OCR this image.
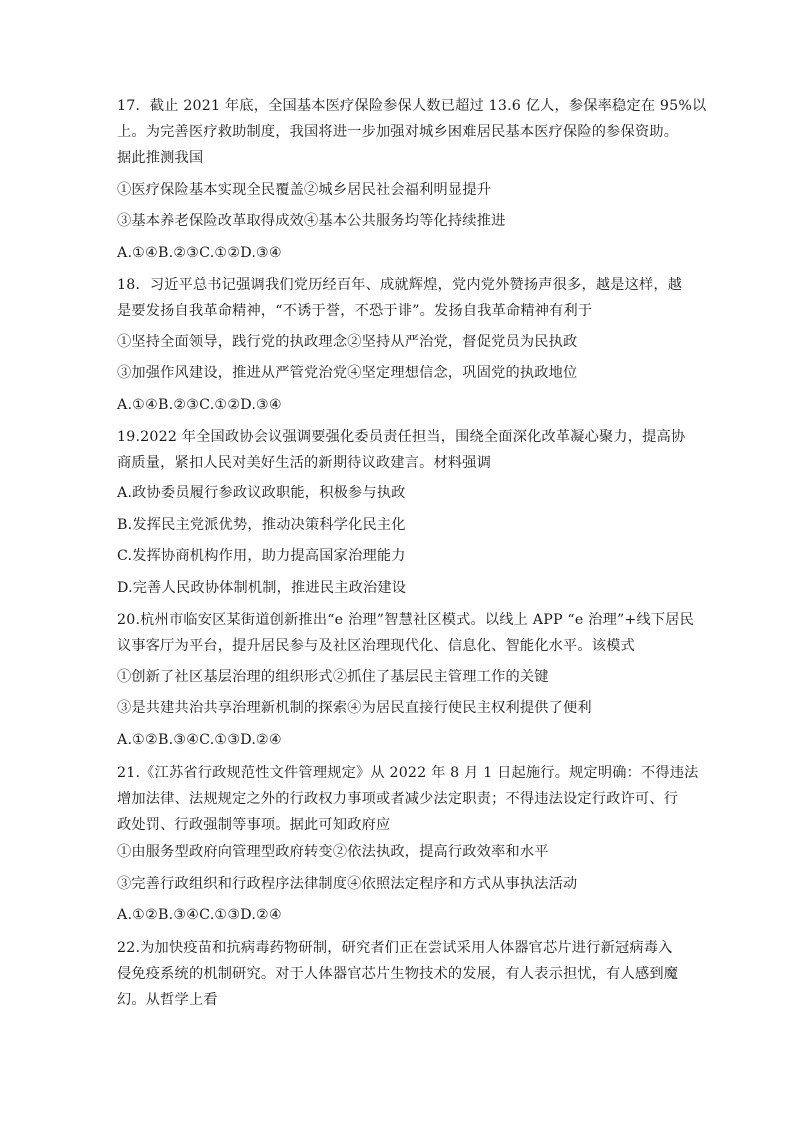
17．截止 2021 年底，全国基本医疗保险参保人数已超过 13.6 亿人，参保率稳定在 95%以
上。为完善医疗救助制度，我国将进一步加强对城乡困难居民基本医疗保险的参保资助。
据此推测我国
①医疗保险基本实现全民覆盖②城乡居民社会福利明显提升
③基本养老保险改革取得成效④基本公共服务均等化持续推进
A.①④B.②③C.①②D.③④
18．习近平总书记强调我们党历经百年、成就辉煌，党内党外赞扬声很多，越是这样，越
是要发扬自我革命精神，“不诱于誉，不恐于诽”。发扬自我革命精神有利于
①坚持全面领导，践行党的执政理念②坚持从严治党，督促党员为民执政
③加强作风建设，推进从严管党治党④坚定理想信念，巩固党的执政地位
A.①④B.②③C.①②D.③④
19.2022 年全国政协会议强调要强化委员责任担当，围绕全面深化改革凝心聚力，提高协
商质量，紧扣人民对美好生活的新期待议政建言。材料强调
A.政协委员履行参政议政职能，积极参与执政
B.发挥民主党派优势，推动决策科学化民主化
C.发挥协商机构作用，助力提高国家治理能力
D.完善人民政协体制机制，推进民主政治建设
20.杭州市临安区某街道创新推出“e 治理”智慧社区模式。以线上 APP “e 治理”+线下居民
议事客厅为平台，提升居民参与及社区治理现代化、信息化、智能化水平。该模式
①创新了社区基层治理的组织形式②抓住了基层民主管理工作的关键
③是共建共治共享治理新机制的探索④为居民直接行使民主权利提供了便利
A.①②B.③④C.①③D.②④
21.《江苏省行政规范性文件管理规定》从 2022 年 8 月 1 日起施行。规定明确：不得违法
增加法律、法规规定之外的行政权力事项或者减少法定职责；不得违法设定行政许可、行
政处罚、行政强制等事项。据此可知政府应
①由服务型政府向管理型政府转变②依法执政，提高行政效率和水平
③完善行政组织和行政程序法律制度④依照法定程序和方式从事执法活动
A.①②B.③④C.①③D.②④
22.为加快疫苗和抗病毒药物研制，研究者们正在尝试采用人体器官芯片进行新冠病毒入
侵免疫系统的机制研究。对于人体器官芯片生物技术的发展，有人表示担忧，有人感到魔
幻。从哲学上看
